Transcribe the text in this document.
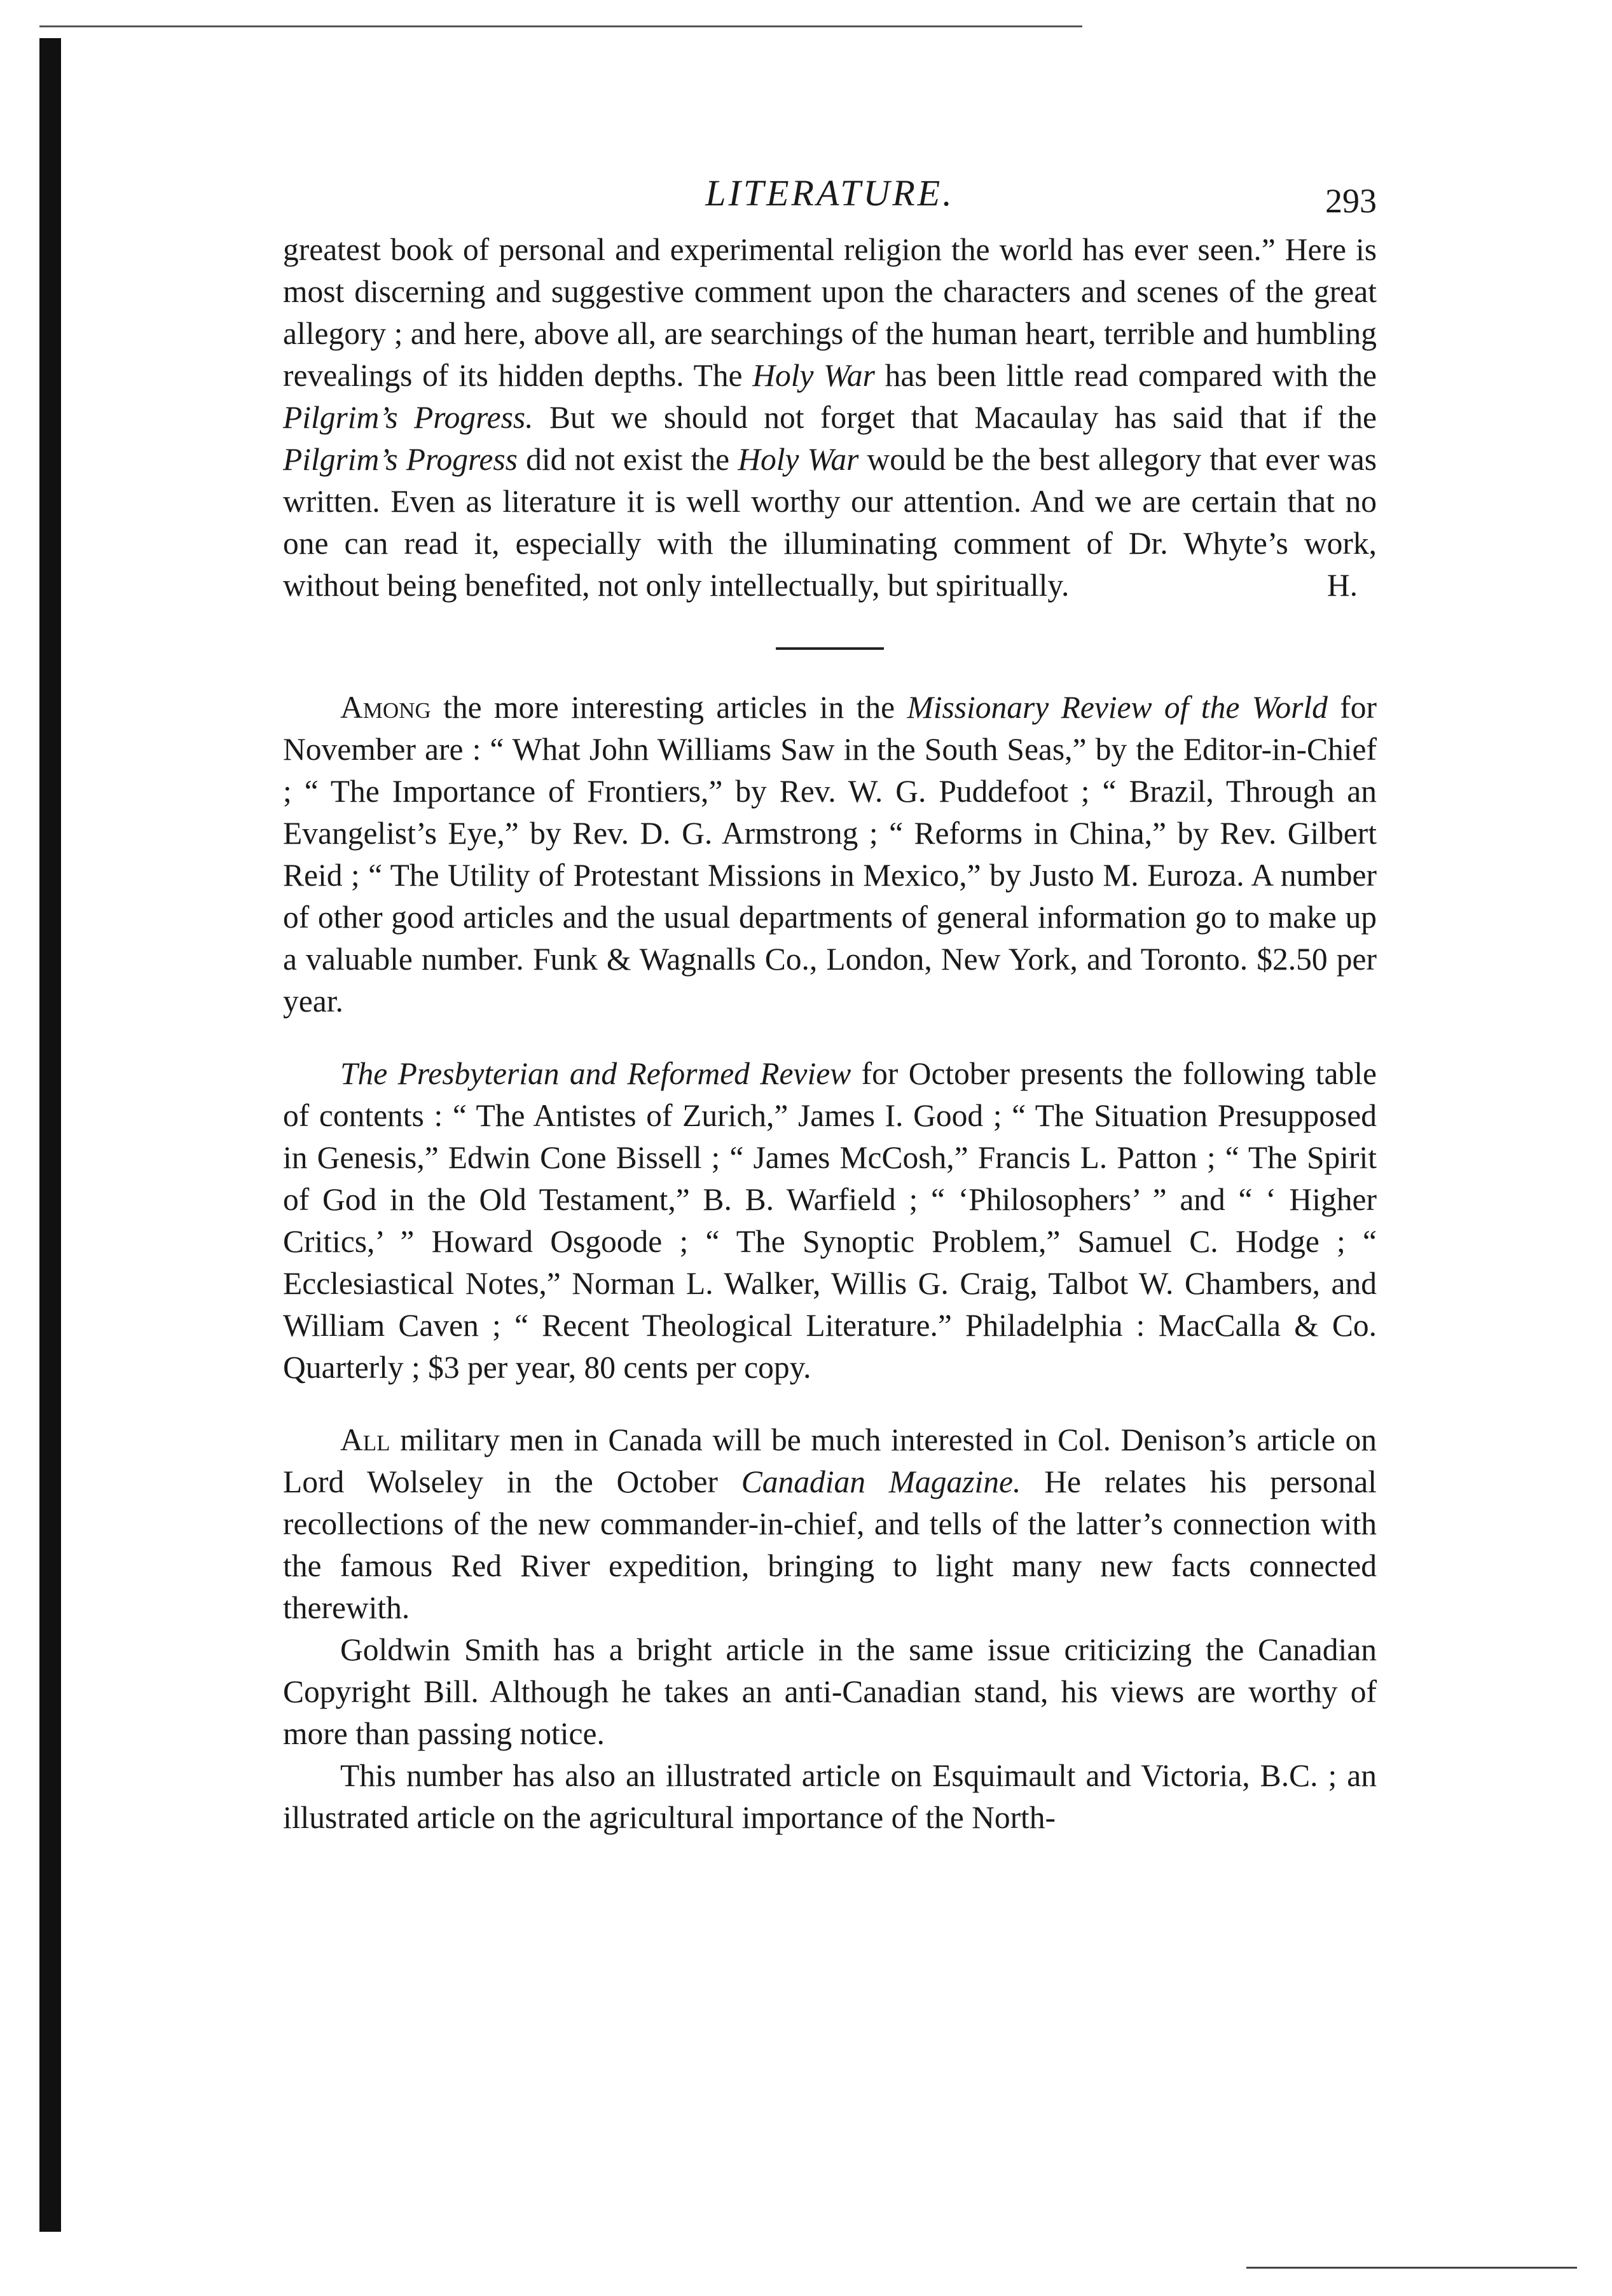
LITERATURE.	293

greatest book of personal and experimental religion the world has ever seen.” Here is most discerning and suggestive comment upon the characters and scenes of the great allegory ; and here, above all, are searchings of the human heart, terrible and humbling revealings of its hidden depths. The Holy War has been little read compared with the Pilgrim’s Progress. But we should not forget that Macaulay has said that if the Pilgrim’s Progress did not exist the Holy War would be the best allegory that ever was written. Even as literature it is well worthy our attention. And we are certain that no one can read it, especially with the illuminating comment of Dr. Whyte’s work, without being benefited, not only intellectually, but spiritually.	H.

Among the more interesting articles in the Missionary Review of the World for November are : “ What John Williams Saw in the South Seas,” by the Editor-in-Chief ; “ The Importance of Frontiers,” by Rev. W. G. Puddefoot ; “ Brazil, Through an Evangelist’s Eye,” by Rev. D. G. Armstrong ; “ Reforms in China,” by Rev. Gilbert Reid ; “ The Utility of Protestant Missions in Mexico,” by Justo M. Euroza. A number of other good articles and the usual departments of general information go to make up a valuable number. Funk & Wagnalls Co., London, New York, and Toronto. $2.50 per year.

The Presbyterian and Reformed Review for October presents the following table of contents : “ The Antistes of Zurich,” James I. Good ; “ The Situation Presupposed in Genesis,” Edwin Cone Bissell ; “ James McCosh,” Francis L. Patton ; “ The Spirit of God in the Old Testament,” B. B. Warfield ; “ ‘Philosophers’ ” and “ ‘ Higher Critics,’ ” Howard Osgoode ; “ The Synoptic Problem,” Samuel C. Hodge ; “ Ecclesiastical Notes,” Norman L. Walker, Willis G. Craig, Talbot W. Chambers, and William Caven ; “ Recent Theological Literature.” Philadelphia : MacCalla & Co. Quarterly ; $3 per year, 80 cents per copy.

All military men in Canada will be much interested in Col. Denison’s article on Lord Wolseley in the October Canadian Magazine. He relates his personal recollections of the new commander-in-chief, and tells of the latter’s connection with the famous Red River expedition, bringing to light many new facts connected therewith.

Goldwin Smith has a bright article in the same issue criticizing the Canadian Copyright Bill. Although he takes an anti-Canadian stand, his views are worthy of more than passing notice.

This number has also an illustrated article on Esquimault and Victoria, B.C. ; an illustrated article on the agricultural importance of the North-
